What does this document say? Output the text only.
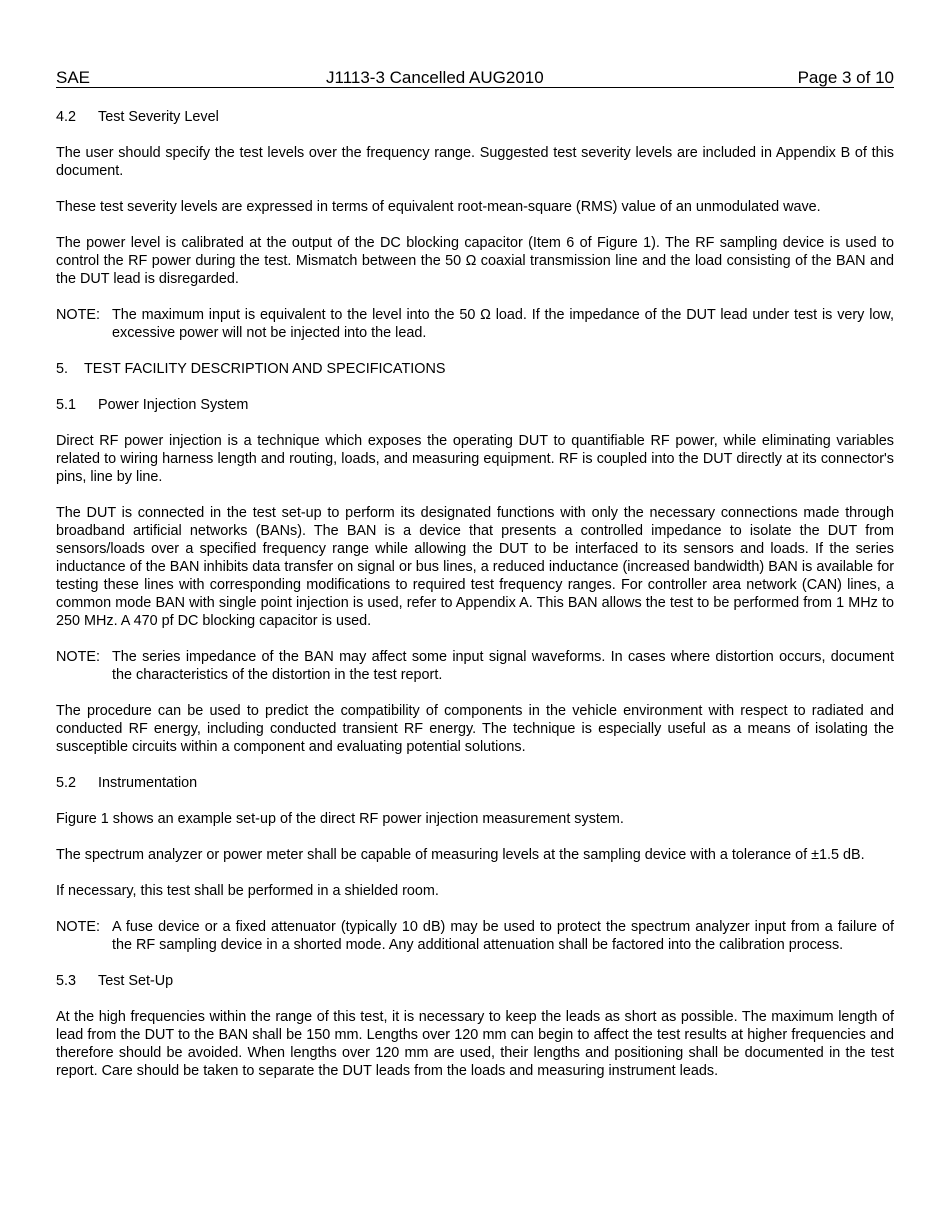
SAE	J1113-3 Cancelled AUG2010	Page 3 of 10
4.2 Test Severity Level

The user should specify the test levels over the frequency range. Suggested test severity levels are included in Appendix B of this document.

These test severity levels are expressed in terms of equivalent root-mean-square (RMS) value of an unmodulated wave.

The power level is calibrated at the output of the DC blocking capacitor (Item 6 of Figure 1). The RF sampling device is used to control the RF power during the test. Mismatch between the 50 Ω coaxial transmission line and the load consisting of the BAN and the DUT lead is disregarded.

NOTE: The maximum input is equivalent to the level into the 50 Ω load. If the impedance of the DUT lead under test is very low, excessive power will not be injected into the lead.
5. TEST FACILITY DESCRIPTION AND SPECIFICATIONS
5.1 Power Injection System

Direct RF power injection is a technique which exposes the operating DUT to quantifiable RF power, while eliminating variables related to wiring harness length and routing, loads, and measuring equipment. RF is coupled into the DUT directly at its connector's pins, line by line.

The DUT is connected in the test set-up to perform its designated functions with only the necessary connections made through broadband artificial networks (BANs). The BAN is a device that presents a controlled impedance to isolate the DUT from sensors/loads over a specified frequency range while allowing the DUT to be interfaced to its sensors and loads. If the series inductance of the BAN inhibits data transfer on signal or bus lines, a reduced inductance (increased bandwidth) BAN is available for testing these lines with corresponding modifications to required test frequency ranges. For controller area network (CAN) lines, a common mode BAN with single point injection is used, refer to Appendix A. This BAN allows the test to be performed from 1 MHz to 250 MHz. A 470 pf DC blocking capacitor is used.

NOTE: The series impedance of the BAN may affect some input signal waveforms. In cases where distortion occurs, document the characteristics of the distortion in the test report.

The procedure can be used to predict the compatibility of components in the vehicle environment with respect to radiated and conducted RF energy, including conducted transient RF energy. The technique is especially useful as a means of isolating the susceptible circuits within a component and evaluating potential solutions.

5.2 Instrumentation

Figure 1 shows an example set-up of the direct RF power injection measurement system.

The spectrum analyzer or power meter shall be capable of measuring levels at the sampling device with a tolerance of ±1.5 dB.

If necessary, this test shall be performed in a shielded room.

NOTE: A fuse device or a fixed attenuator (typically 10 dB) may be used to protect the spectrum analyzer input from a failure of the RF sampling device in a shorted mode. Any additional attenuation shall be factored into the calibration process.
5.3 Test Set-Up

At the high frequencies within the range of this test, it is necessary to keep the leads as short as possible. The maximum length of lead from the DUT to the BAN shall be 150 mm. Lengths over 120 mm can begin to affect the test results at higher frequencies and therefore should be avoided. When lengths over 120 mm are used, their lengths and positioning shall be documented in the test report. Care should be taken to separate the DUT leads from the loads and measuring instrument leads.
